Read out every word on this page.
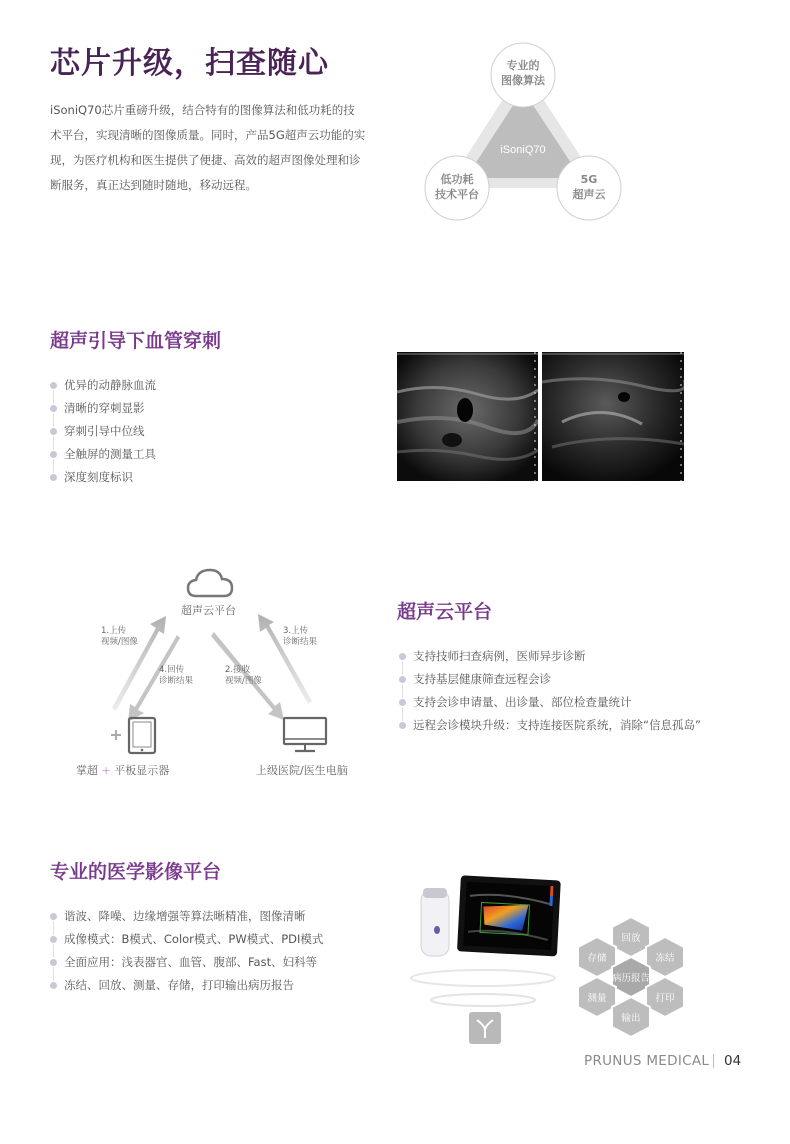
芯片升级，扫查随心
iSoniQ70芯片重磅升级，结合特有的图像算法和低功耗的技术平台，实现清晰的图像质量。同时，产品5G超声云功能的实现，为医疗机构和医生提供了便捷、高效的超声图像处理和诊断服务，真正达到随时随地，移动远程。
iSoniQ70
专业的
图像算法
低功耗
技术平台
5G
超声云
超声引导下血管穿刺
优异的动静脉血流
清晰的穿刺显影
穿刺引导中位线
全触屏的测量工具
深度刻度标识
超声云平台
1.上传
视频/图像
4.回传
诊断结果
2.接收
视频/图像
3.上传
诊断结果
掌超 + 平板显示器	上级医院/医生电脑
超声云平台
支持技师扫查病例，医师异步诊断
支持基层健康筛查远程会诊
支持会诊申请量、出诊量、部位检查量统计
远程会诊模块升级：支持连接医院系统，消除“信息孤岛”
专业的医学影像平台
谐波、降噪、边缘增强等算法晰精准，图像清晰
成像模式：B模式、Color模式、PW模式、PDI模式
全面应用：浅表器官、血管、腹部、Fast、妇科等
冻结、回放、测量、存储，打印输出病历报告
回放
存储	冻结
病历报告
测量	打印
输出
PRUNUS MEDICAL 04
